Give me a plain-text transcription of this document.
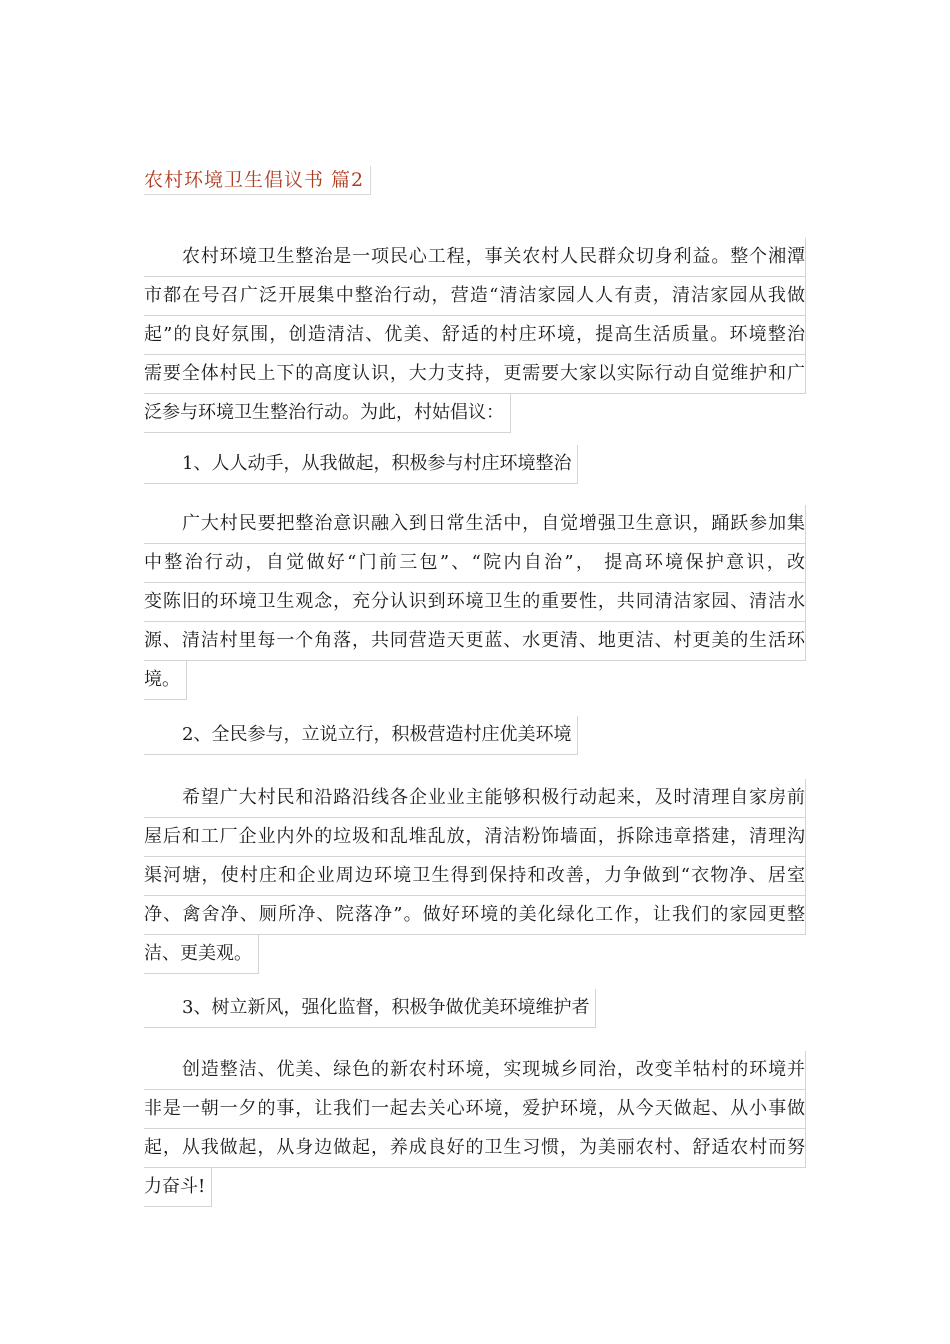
农村环境卫生倡议书 篇2
农村环境卫生整治是一项民心工程，事关农村人民群众切身利益。整个湘潭
市都在号召广泛开展集中整治行动，营造“清洁家园人人有责，清洁家园从我做
起”的良好氛围，创造清洁、优美、舒适的村庄环境，提高生活质量。环境整治
需要全体村民上下的高度认识，大力支持，更需要大家以实际行动自觉维护和广
泛参与环境卫生整治行动。为此，村姑倡议：
1、人人动手，从我做起，积极参与村庄环境整治
广大村民要把整治意识融入到日常生活中，自觉增强卫生意识，踊跃参加集
中整治行动，自觉做好“门前三包”、“院内自治”， 提高环境保护意识，改
变陈旧的环境卫生观念，充分认识到环境卫生的重要性，共同清洁家园、清洁水
源、清洁村里每一个角落，共同营造天更蓝、水更清、地更洁、村更美的生活环
境。
2、全民参与，立说立行，积极营造村庄优美环境
希望广大村民和沿路沿线各企业业主能够积极行动起来，及时清理自家房前
屋后和工厂企业内外的垃圾和乱堆乱放，清洁粉饰墙面，拆除违章搭建，清理沟
渠河塘，使村庄和企业周边环境卫生得到保持和改善，力争做到“衣物净、居室
净、禽舍净、厕所净、院落净”。做好环境的美化绿化工作，让我们的家园更整
洁、更美观。
3、树立新风，强化监督，积极争做优美环境维护者
创造整洁、优美、绿色的新农村环境，实现城乡同治，改变羊牯村的环境并
非是一朝一夕的事，让我们一起去关心环境，爱护环境，从今天做起、从小事做
起，从我做起，从身边做起，养成良好的卫生习惯，为美丽农村、舒适农村而努
力奋斗!
